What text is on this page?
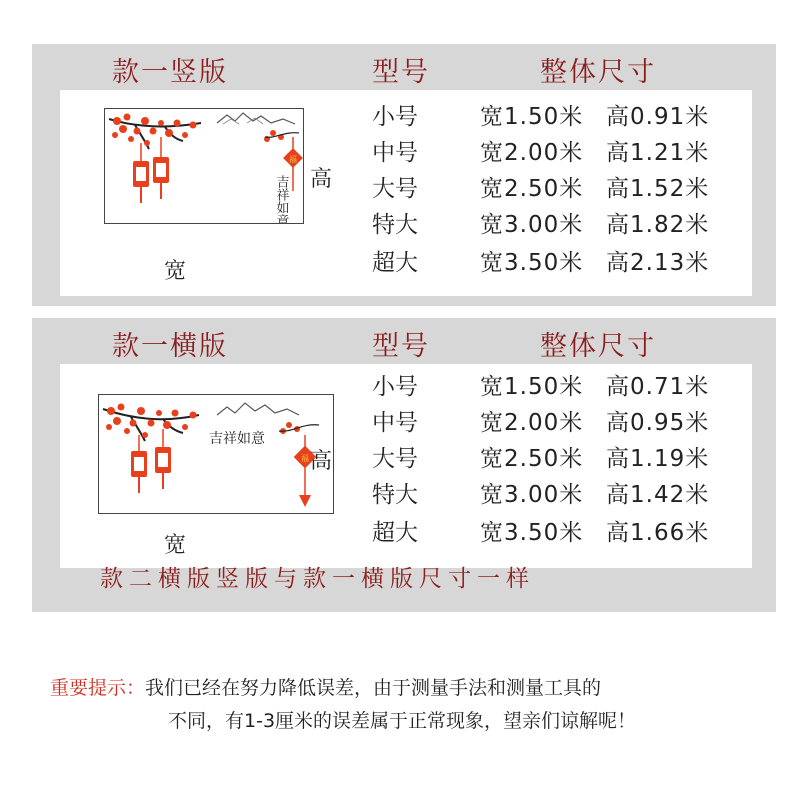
款一竖版	型号	整体尺寸
福
吉祥如意
宽
高
小号	宽1.50米 高0.91米
中号	宽2.00米 高1.21米
大号	宽2.50米 高1.52米
特大	宽3.00米 高1.82米
超大	宽3.50米 高2.13米
款一横版	型号	整体尺寸
吉祥如意
福
宽
高
小号	宽1.50米 高0.71米
中号	宽2.00米 高0.95米
大号	宽2.50米 高1.19米
特大	宽3.00米 高1.42米
超大	宽3.50米 高1.66米
款二横版竖版与款一横版尺寸一样
重要提示：我们已经在努力降低误差，由于测量手法和测量工具的
不同，有1-3厘米的误差属于正常现象，望亲们谅解呢！
